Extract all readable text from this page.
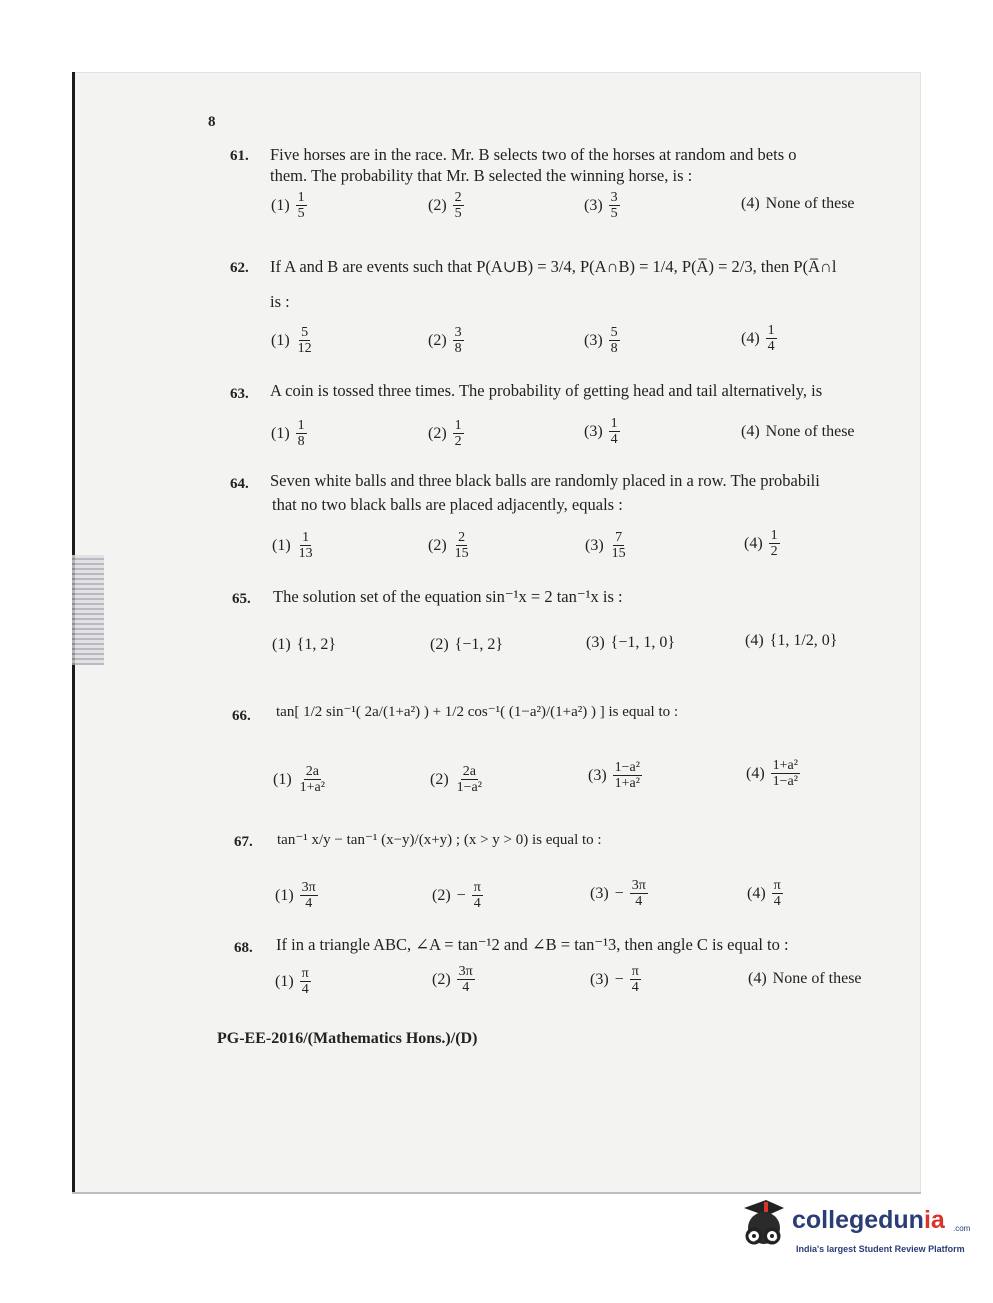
8
61. Five horses are in the race. Mr. B selects two of the horses at random and bets o
them. The probability that Mr. B selected the winning horse, is :
$(1) \frac{1}{5}$	$(2) \frac{2}{5}$	$(3) \frac{3}{5}$	(4) None of these
62. If A and B are events such that P(A∪B) = 3/4, P(A∩B) = 1/4, P(A̅) = 2/3, then P(A̅∩l
is :
$(1) \frac{5}{12}$	$(2) \frac{3}{8}$	$(3) \frac{5}{8}$	$(4) \frac{1}{4}$
63. A coin is tossed three times. The probability of getting head and tail alternatively, is
$(1) \frac{1}{8}$	$(2) \frac{1}{2}$	$(3) \frac{1}{4}$	(4) None of these
64. Seven white balls and three black balls are randomly placed in a row. The probabili
that no two black balls are placed adjacently, equals :
$(1) \frac{1}{13}$	$(2) \frac{2}{15}$	$(3) \frac{7}{15}$	$(4) \frac{1}{2}$
65. The solution set of the equation sin⁻¹x = 2 tan⁻¹x is :
(1) {1, 2}	(2) {−1, 2}	(3) {−1, 1, 0}	(4) {1, 1/2, 0}
66. tan[ 1/2 sin⁻¹( 2a/(1+a²) ) + 1/2 cos⁻¹( (1−a²)/(1+a²) ) ] is equal to :
$(1) \frac{2a}{\text{1+a²}}$	$(2) \frac{2a}{\text{1−a²}}$	$(3) \frac{\text{1−a²}}{\text{1+a²}}$	$(4) \frac{\text{1+a²}}{\text{1−a²}}$
67. tan⁻¹ x/y − tan⁻¹ (x−y)/(x+y) ; (x > y > 0) is equal to :
$(1) \frac{3\pi}{4}$	$(2) - \frac{\pi}{4}$	$(3) - \frac{3\pi}{4}$	$(4) \frac{\pi}{4}$
68. If in a triangle ABC, ∠A = tan⁻¹2 and ∠B = tan⁻¹3, then angle C is equal to :
$(1) \frac{\pi}{4}$	$(2) \frac{3\pi}{4}$	$(3) - \frac{\pi}{4}$	(4) None of these
PG-EE-2016/(Mathematics Hons.)/(D)
collegedunia .com
India's largest Student Review Platform
